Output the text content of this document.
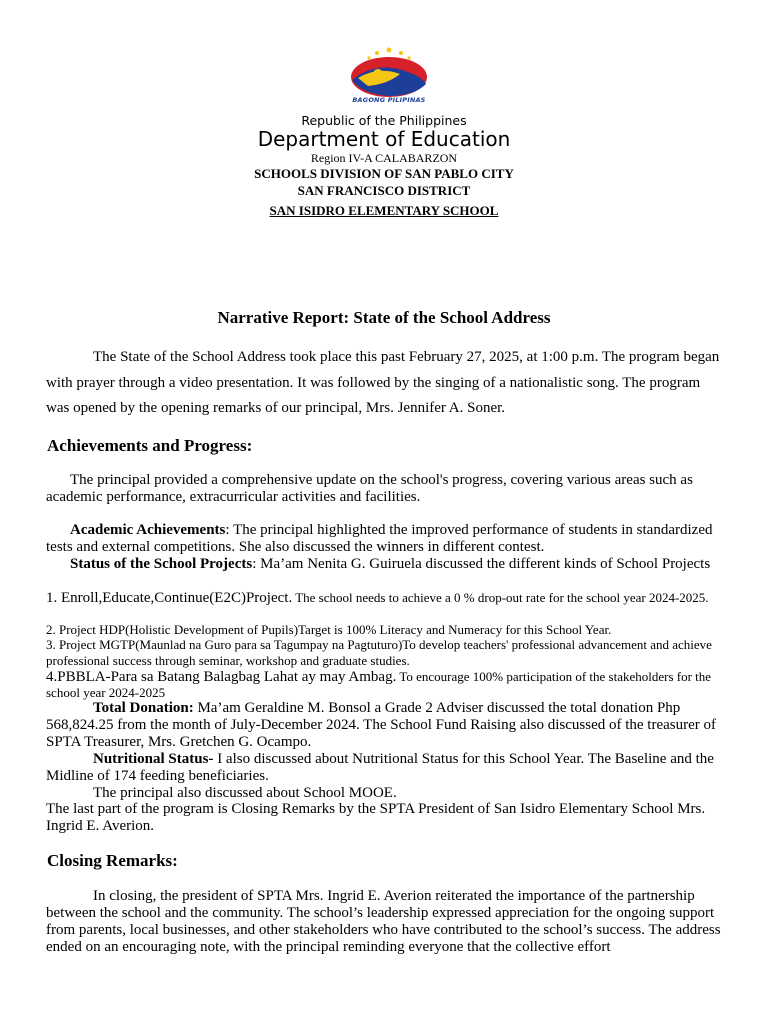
BAGONG PILIPINAS
Republic of the Philippines
Department of Education
Region IV-A CALABARZON
SCHOOLS DIVISION OF SAN PABLO CITY
SAN FRANCISCO DISTRICT
SAN ISIDRO ELEMENTARY SCHOOL
Narrative Report: State of the School Address

The State of the School Address took place this past February 27, 2025, at 1:00 p.m. The program began with prayer through a video presentation. It was followed by the singing of a nationalistic song. The program was opened by the opening remarks of our principal, Mrs. Jennifer A. Soner.

Achievements and Progress:

The principal provided a comprehensive update on the school's progress, covering various areas such as academic performance, extracurricular activities and facilities.

Academic Achievements: The principal highlighted the improved performance of students in standardized tests and external competitions. She also discussed the winners in different contest.

Status of the School Projects: Ma’am Nenita G. Guiruela discussed the different kinds of School Projects

1. Enroll,Educate,Continue(E2C)Project. The school needs to achieve a 0 % drop-out rate for the school year 2024-2025.

2. Project HDP(Holistic Development of Pupils)Target is 100% Literacy and Numeracy for this School Year.

3. Project MGTP(Maunlad na Guro para sa Tagumpay na Pagtuturo)To develop teachers' professional advancement and achieve professional success through seminar, workshop and graduate studies.

4.PBBLA-Para sa Batang Balagbag Lahat ay may Ambag. To encourage 100% participation of the stakeholders for the school year 2024-2025

Total Donation: Ma’am Geraldine M. Bonsol a Grade 2 Adviser discussed the total donation Php 568,824.25 from the month of July-December 2024. The School Fund Raising also discussed of the treasurer of SPTA Treasurer, Mrs. Gretchen G. Ocampo.

Nutritional Status- I also discussed about Nutritional Status for this School Year. The Baseline and the Midline of 174 feeding beneficiaries.

The principal also discussed about School MOOE.

The last part of the program is Closing Remarks by the SPTA President of San Isidro Elementary School Mrs. Ingrid E. Averion.

Closing Remarks:

In closing, the president of SPTA Mrs. Ingrid E. Averion reiterated the importance of the partnership between the school and the community. The school’s leadership expressed appreciation for the ongoing support from parents, local businesses, and other stakeholders who have contributed to the school’s success. The address ended on an encouraging note, with the principal reminding everyone that the collective effort
